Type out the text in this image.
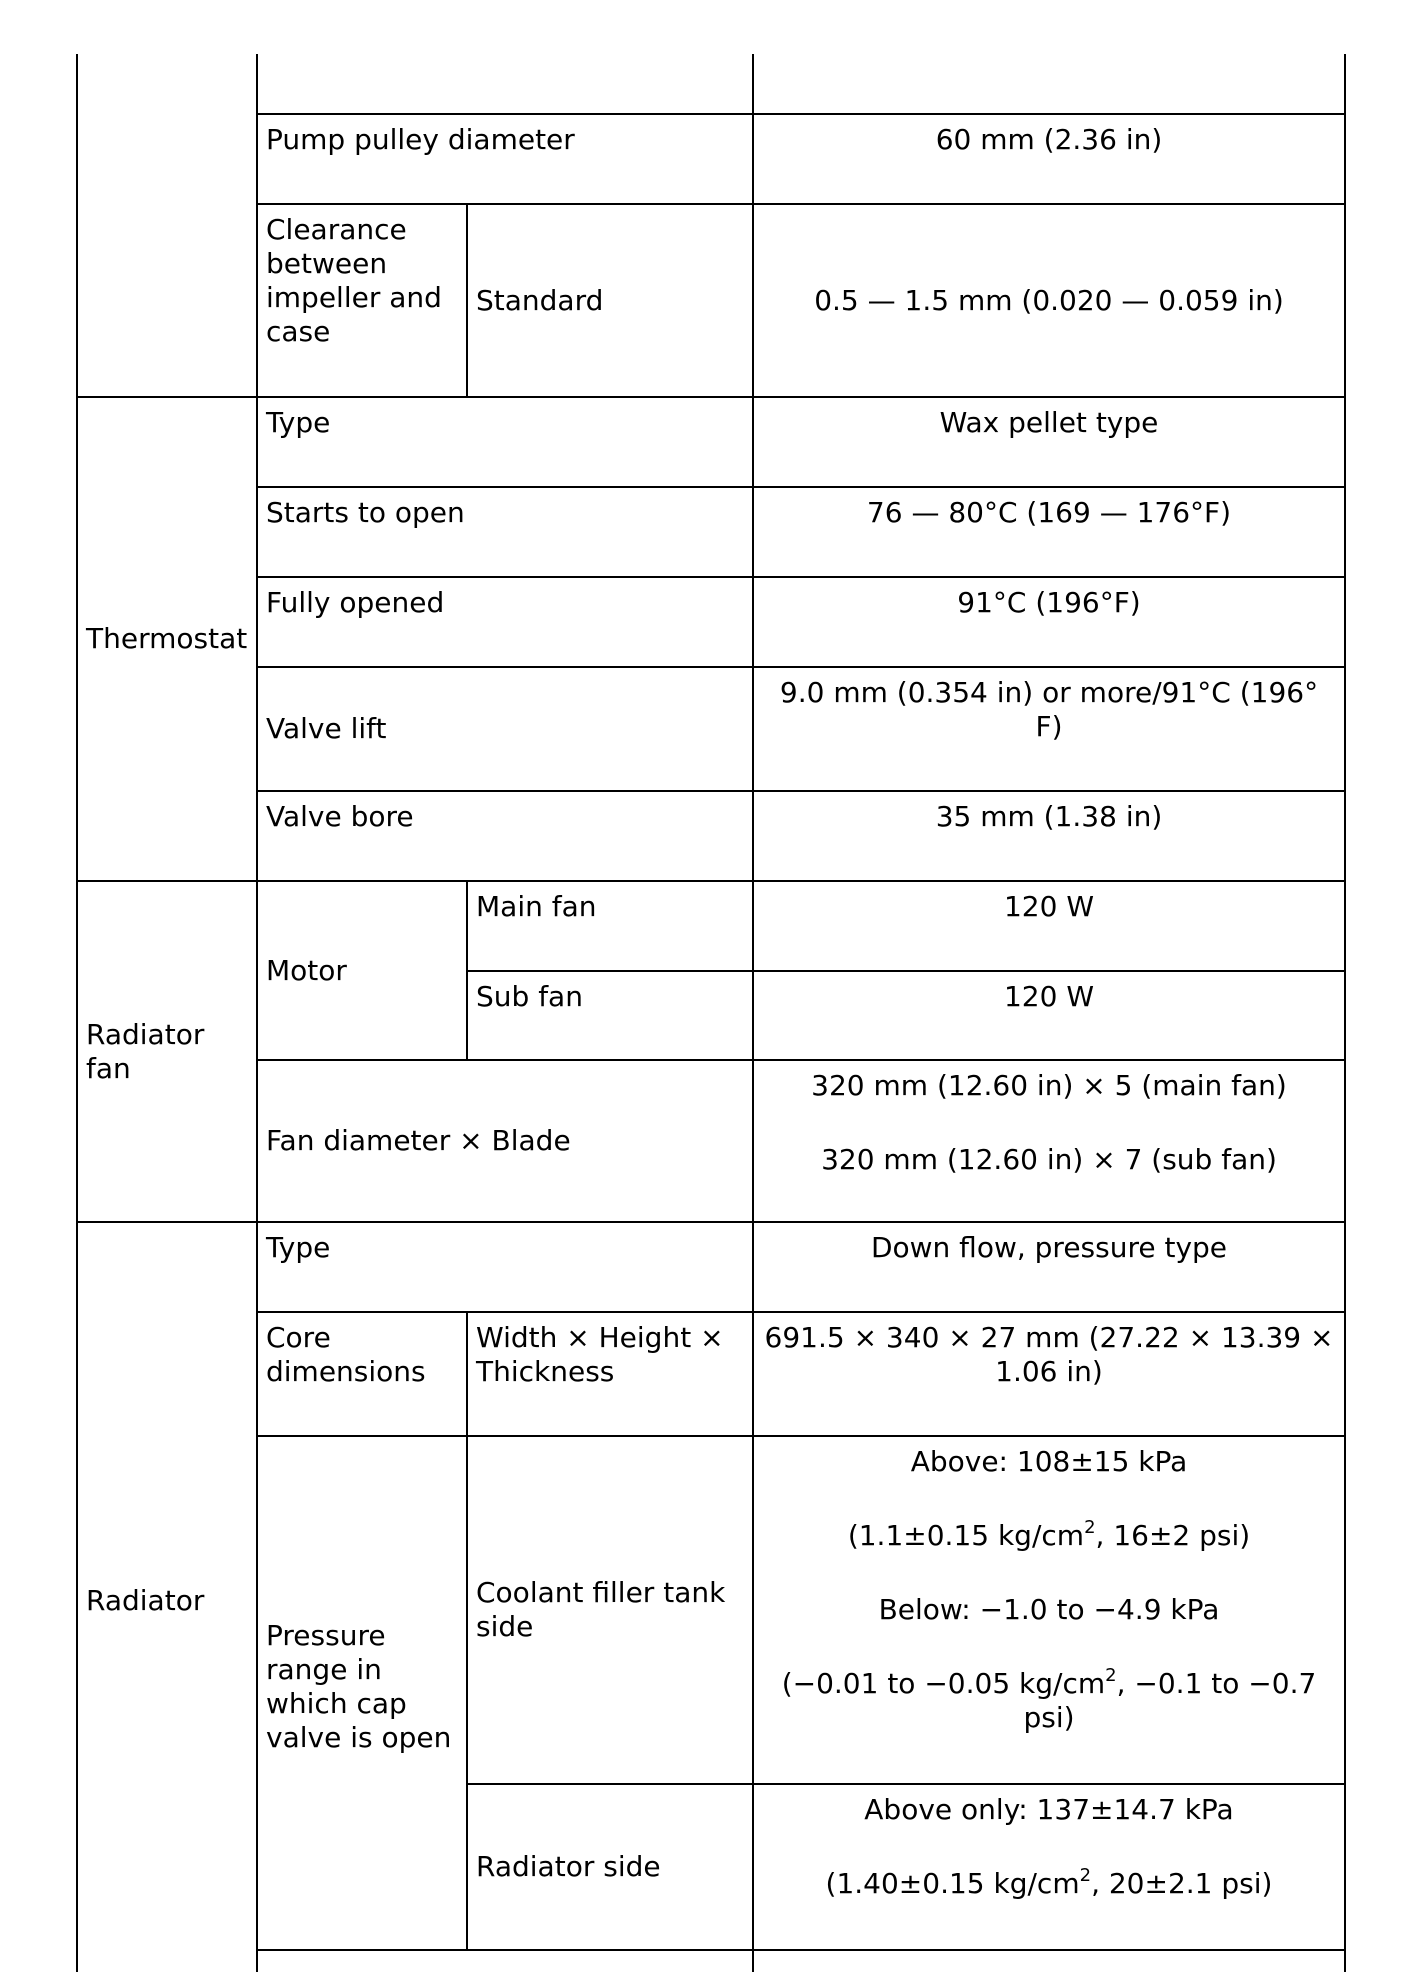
	Pump pulley diameter		60 mm (2.36 in)
	Clearance between impeller and case	Standard	0.5 — 1.5 mm (0.020 — 0.059 in)
Thermostat	Type		Wax pellet type
	Starts to open		76 — 80°C (169 — 176°F)
	Fully opened		91°C (196°F)
	Valve lift		9.0 mm (0.354 in) or more/91°C (196° F)
	Valve bore		35 mm (1.38 in)
Radiator fan	Motor	Main fan	120 W
		Sub fan	120 W
	Fan diameter × Blade		320 mm (12.60 in) × 5 (main fan)

320 mm (12.60 in) × 7 (sub fan)

Radiator	Type		Down flow, pressure type
	Core dimensions	Width × Height × Thickness	691.5 × 340 × 27 mm (27.22 × 13.39 × 1.06 in)
	Pressure range in which cap valve is open	Coolant filler tank side	Above: 108±15 kPa

(1.1±0.15 $kg/cm^2$, 16±2 psi)

Below: −1.0 to −4.9 kPa

(−0.01 to −0.05 $kg/cm^2$, −0.1 to −0.7 psi)

		Radiator side	Above only: 137±14.7 kPa

(1.40±0.15 $kg/cm^2$, 20±2.1 psi)
